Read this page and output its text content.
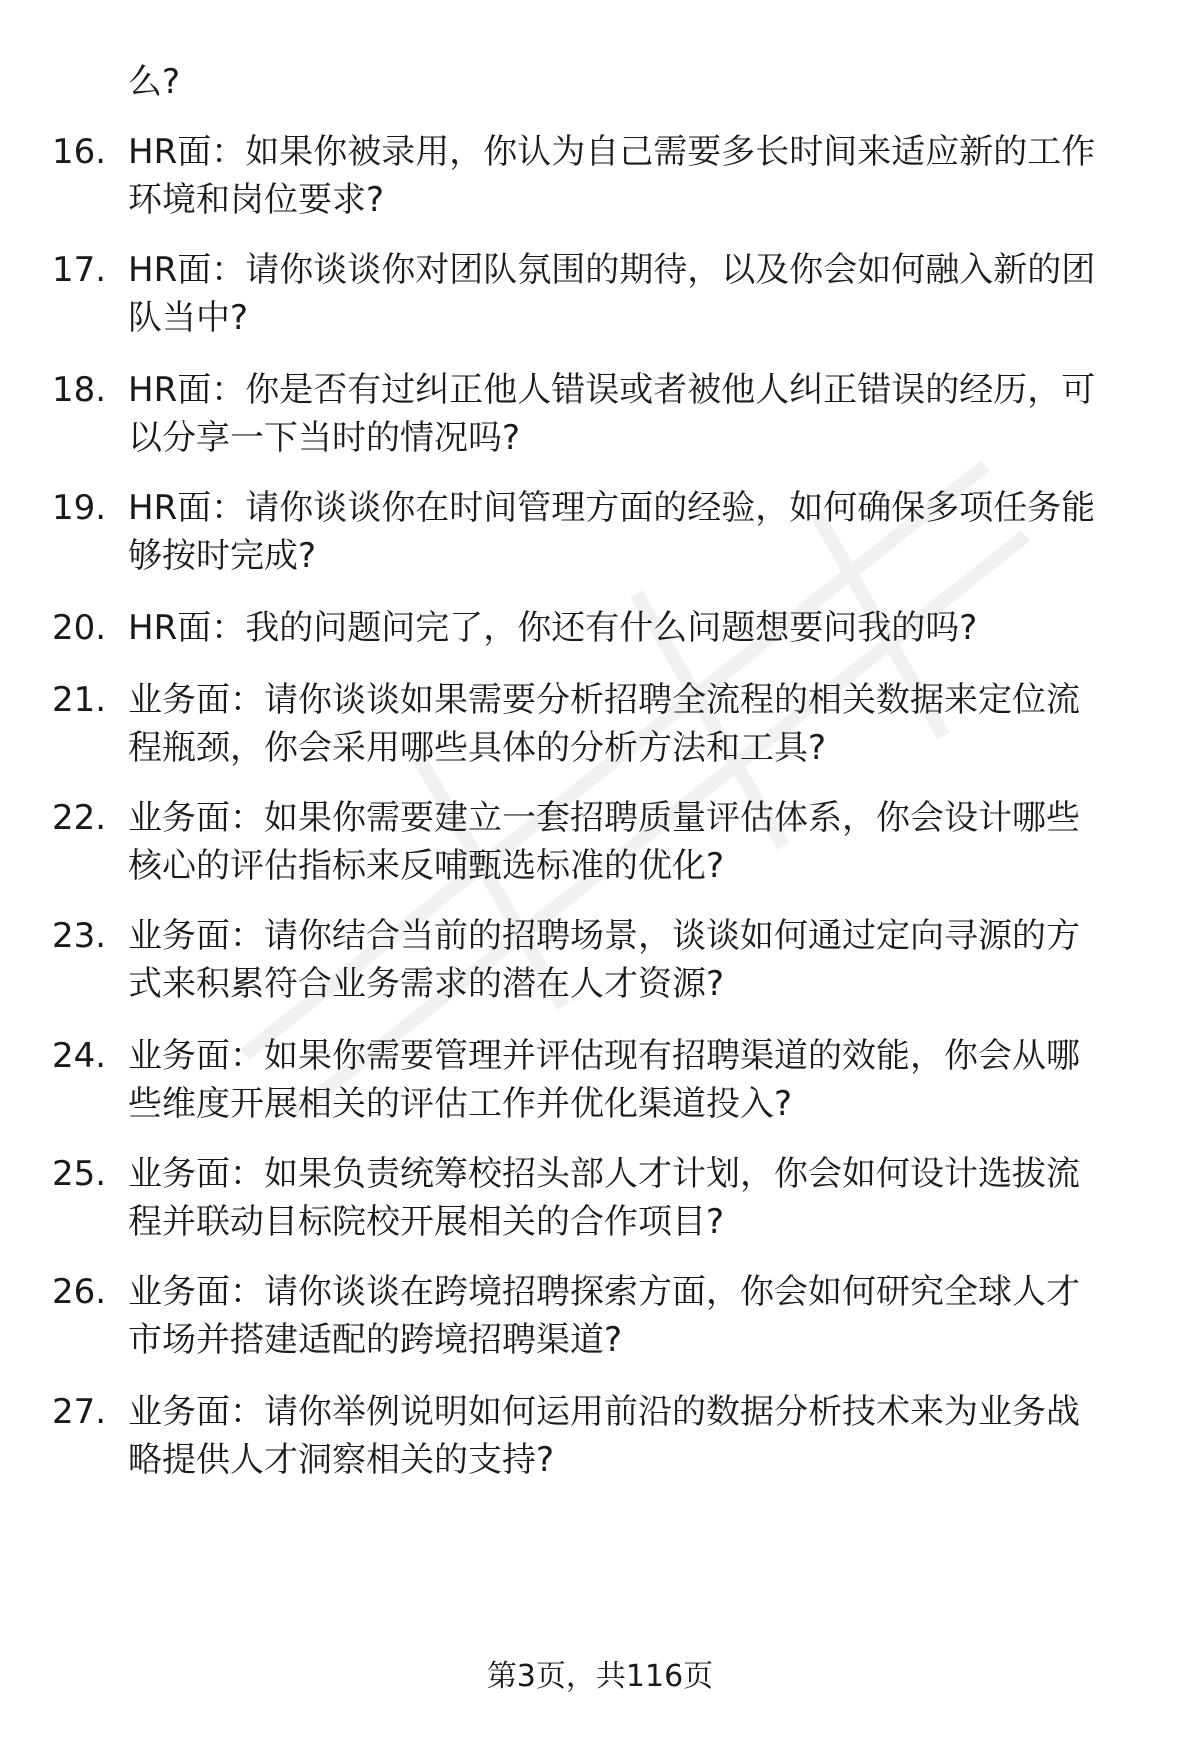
么?
16. HR面：如果你被录用，你认为自己需要多长时间来适应新的工作
环境和岗位要求?
17. HR面：请你谈谈你对团队氛围的期待，以及你会如何融入新的团
队当中?
18. HR面：你是否有过纠正他人错误或者被他人纠正错误的经历，可
以分享一下当时的情况吗?
19. HR面：请你谈谈你在时间管理方面的经验，如何确保多项任务能
够按时完成?
20. HR面：我的问题问完了，你还有什么问题想要问我的吗?
21. 业务面：请你谈谈如果需要分析招聘全流程的相关数据来定位流
程瓶颈，你会采用哪些具体的分析方法和工具?
22. 业务面：如果你需要建立一套招聘质量评估体系，你会设计哪些
核心的评估指标来反哺甄选标准的优化?
23. 业务面：请你结合当前的招聘场景，谈谈如何通过定向寻源的方
式来积累符合业务需求的潜在人才资源?
24. 业务面：如果你需要管理并评估现有招聘渠道的效能，你会从哪
些维度开展相关的评估工作并优化渠道投入?
25. 业务面：如果负责统筹校招头部人才计划，你会如何设计选拔流
程并联动目标院校开展相关的合作项目?
26. 业务面：请你谈谈在跨境招聘探索方面，你会如何研究全球人才
市场并搭建适配的跨境招聘渠道?
27. 业务面：请你举例说明如何运用前沿的数据分析技术来为业务战
略提供人才洞察相关的支持?
第3页，共116页
